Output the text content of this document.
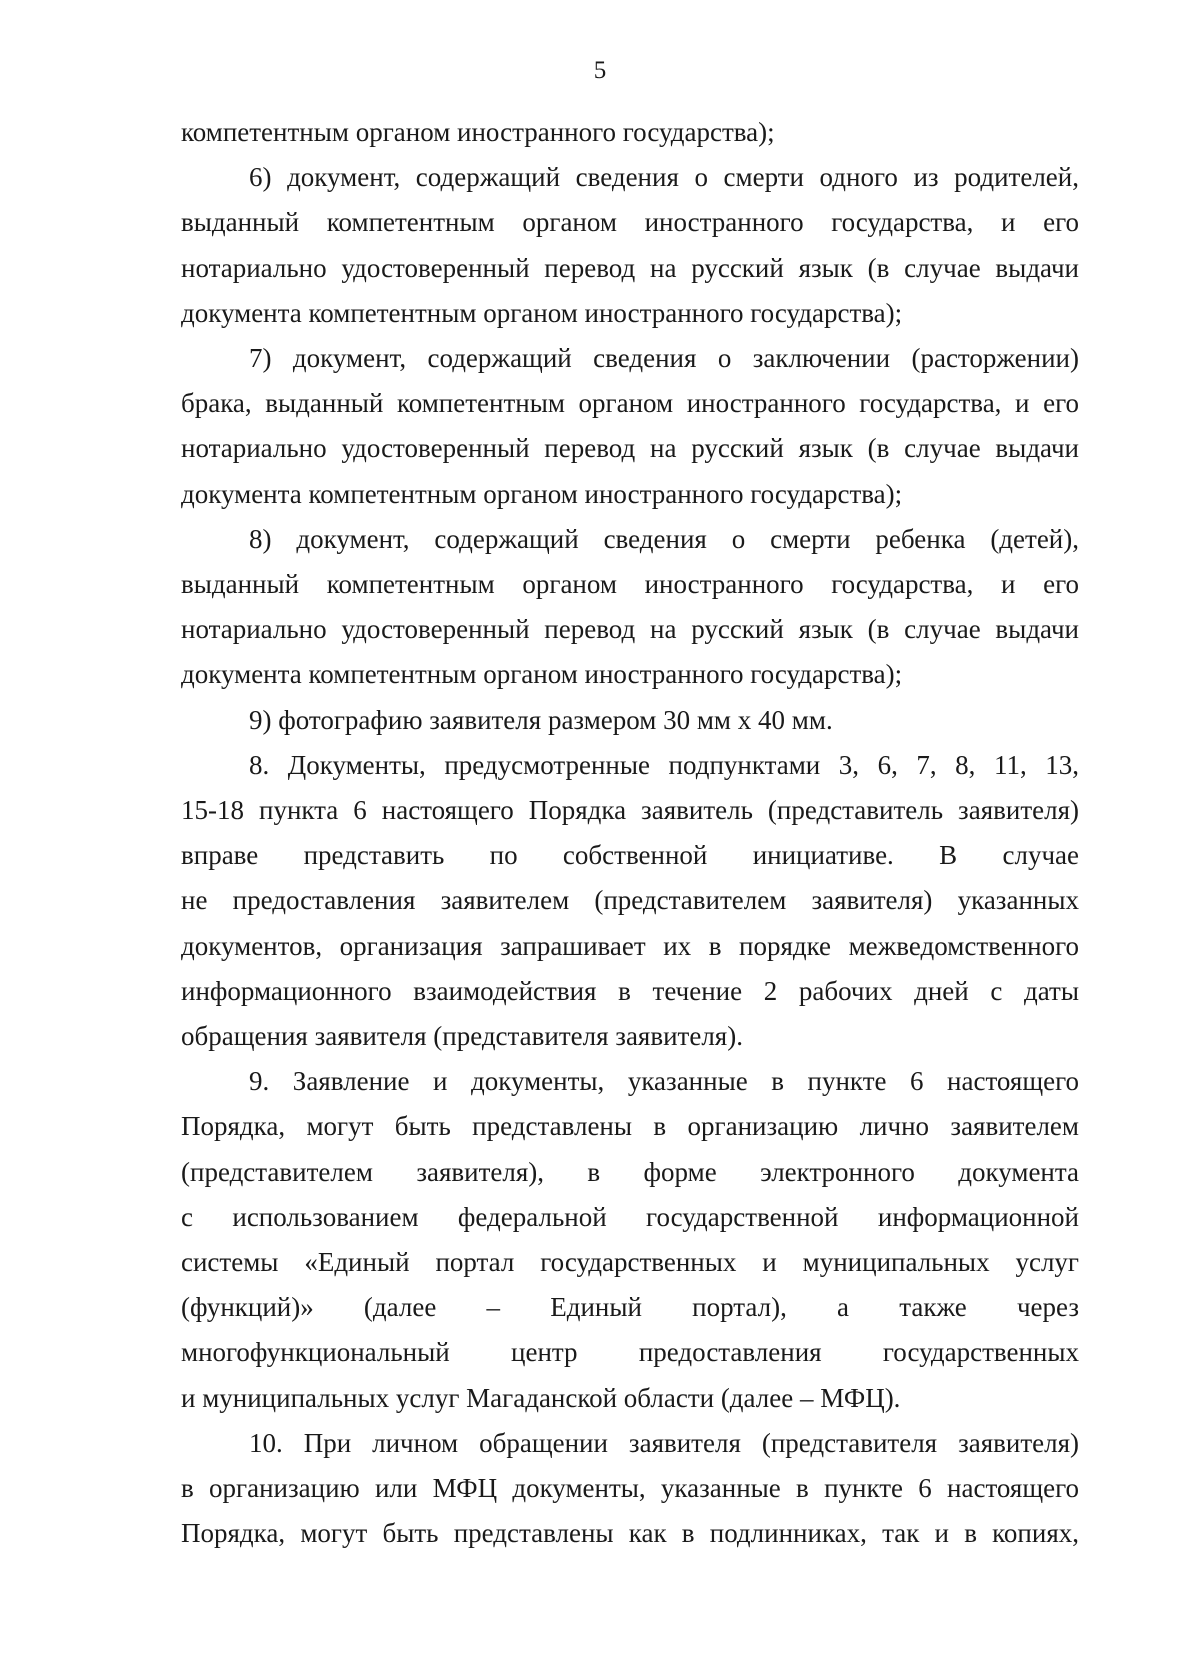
5

компетентным органом иностранного государства);

6) документ, содержащий сведения о смерти одного из родителей,
выданный компетентным органом иностранного государства, и его
нотариально удостоверенный перевод на русский язык (в случае выдачи
документа компетентным органом иностранного государства);

7) документ, содержащий сведения о заключении (расторжении)
брака, выданный компетентным органом иностранного государства, и его
нотариально удостоверенный перевод на русский язык (в случае выдачи
документа компетентным органом иностранного государства);

8) документ, содержащий сведения о смерти ребенка (детей),
выданный компетентным органом иностранного государства, и его
нотариально удостоверенный перевод на русский язык (в случае выдачи
документа компетентным органом иностранного государства);

9) фотографию заявителя размером 30 мм х 40 мм.

8. Документы, предусмотренные подпунктами 3, 6, 7, 8, 11, 13,
15-18 пункта 6 настоящего Порядка заявитель (представитель заявителя)
вправе представить по собственной инициативе. В случае
не предоставления заявителем (представителем заявителя) указанных
документов, организация запрашивает их в порядке межведомственного
информационного взаимодействия в течение 2 рабочих дней с даты
обращения заявителя (представителя заявителя).

9. Заявление и документы, указанные в пункте 6 настоящего
Порядка, могут быть представлены в организацию лично заявителем
(представителем заявителя), в форме электронного документа
с использованием федеральной государственной информационной
системы «Единый портал государственных и муниципальных услуг
(функций)» (далее – Единый портал), а также через
многофункциональный центр предоставления государственных
и муниципальных услуг Магаданской области (далее – МФЦ).

10. При личном обращении заявителя (представителя заявителя)
в организацию или МФЦ документы, указанные в пункте 6 настоящего
Порядка, могут быть представлены как в подлинниках, так и в копиях,
